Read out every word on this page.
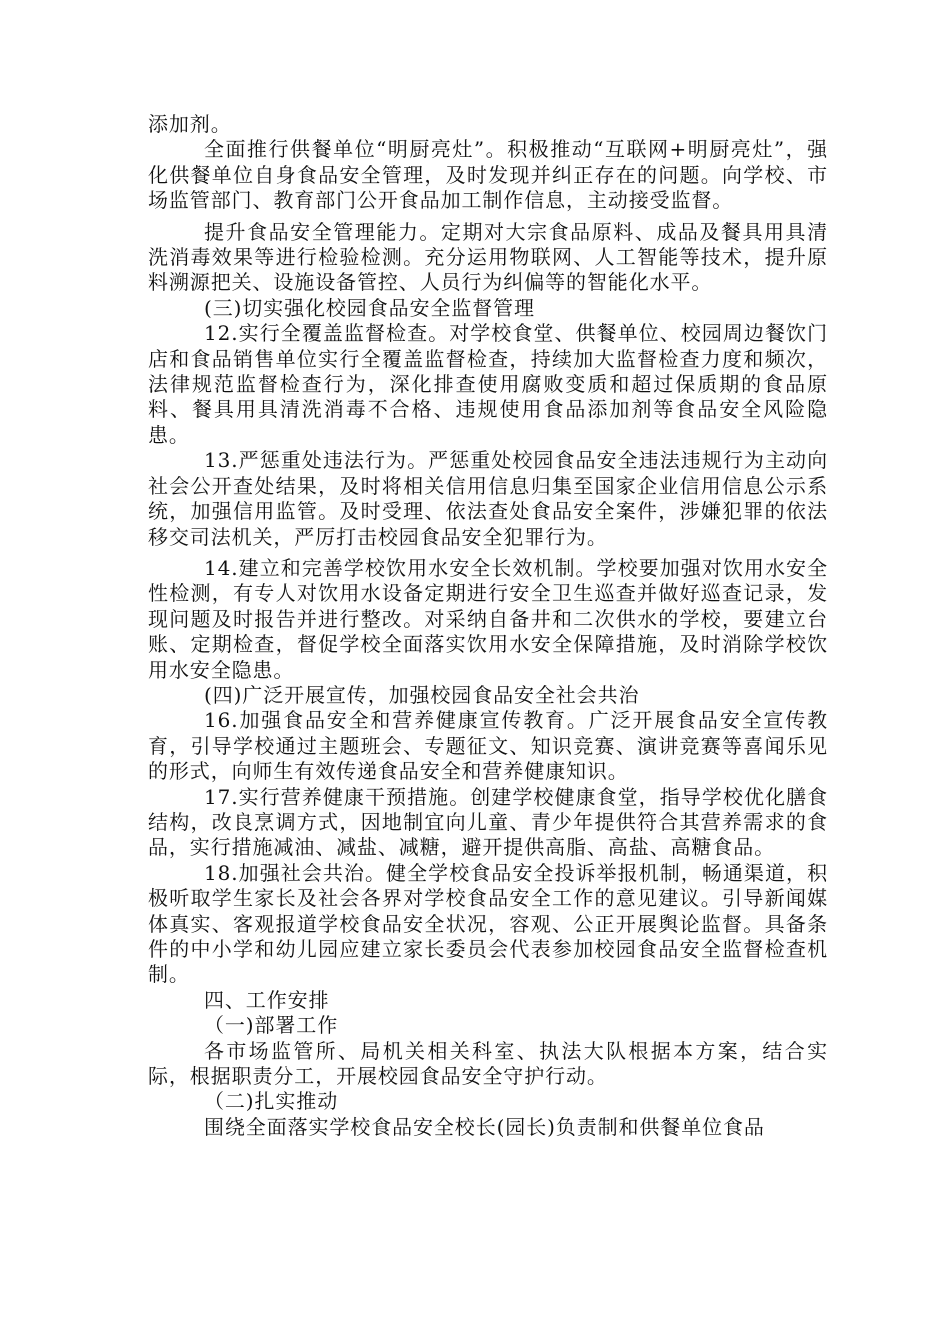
添加剂。

全面推行供餐单位“明厨亮灶”。积极推动“互联网+明厨亮灶”，强化供餐单位自身食品安全管理，及时发现并纠正存在的问题。向学校、市场监管部门、教育部门公开食品加工制作信息，主动接受监督。

提升食品安全管理能力。定期对大宗食品原料、成品及餐具用具清洗消毒效果等进行检验检测。充分运用物联网、人工智能等技术，提升原料溯源把关、设施设备管控、人员行为纠偏等的智能化水平。

(三)切实强化校园食品安全监督管理

12.实行全覆盖监督检查。对学校食堂、供餐单位、校园周边餐饮门店和食品销售单位实行全覆盖监督检查，持续加大监督检查力度和频次，法律规范监督检查行为，深化排查使用腐败变质和超过保质期的食品原料、餐具用具清洗消毒不合格、违规使用食品添加剂等食品安全风险隐患。

13.严惩重处违法行为。严惩重处校园食品安全违法违规行为主动向社会公开查处结果，及时将相关信用信息归集至国家企业信用信息公示系统，加强信用监管。及时受理、依法查处食品安全案件，涉嫌犯罪的依法移交司法机关，严厉打击校园食品安全犯罪行为。

14.建立和完善学校饮用水安全长效机制。学校要加强对饮用水安全性检测，有专人对饮用水设备定期进行安全卫生巡查并做好巡查记录，发现问题及时报告并进行整改。对采纳自备井和二次供水的学校，要建立台账、定期检查，督促学校全面落实饮用水安全保障措施，及时消除学校饮用水安全隐患。

(四)广泛开展宣传，加强校园食品安全社会共治

16.加强食品安全和营养健康宣传教育。广泛开展食品安全宣传教育，引导学校通过主题班会、专题征文、知识竞赛、演讲竞赛等喜闻乐见的形式，向师生有效传递食品安全和营养健康知识。

17.实行营养健康干预措施。创建学校健康食堂，指导学校优化膳食结构，改良烹调方式，因地制宜向儿童、青少年提供符合其营养需求的食品，实行措施减油、减盐、减糖，避开提供高脂、高盐、高糖食品。

18.加强社会共治。健全学校食品安全投诉举报机制，畅通渠道，积极听取学生家长及社会各界对学校食品安全工作的意见建议。引导新闻媒体真实、客观报道学校食品安全状况，容观、公正开展舆论监督。具备条件的中小学和幼儿园应建立家长委员会代表参加校园食品安全监督检查机制。

四、工作安排

（一)部署工作

各市场监管所、局机关相关科室、执法大队根据本方案，结合实际，根据职责分工，开展校园食品安全守护行动。

（二)扎实推动

围绕全面落实学校食品安全校长(园长)负责制和供餐单位食品
